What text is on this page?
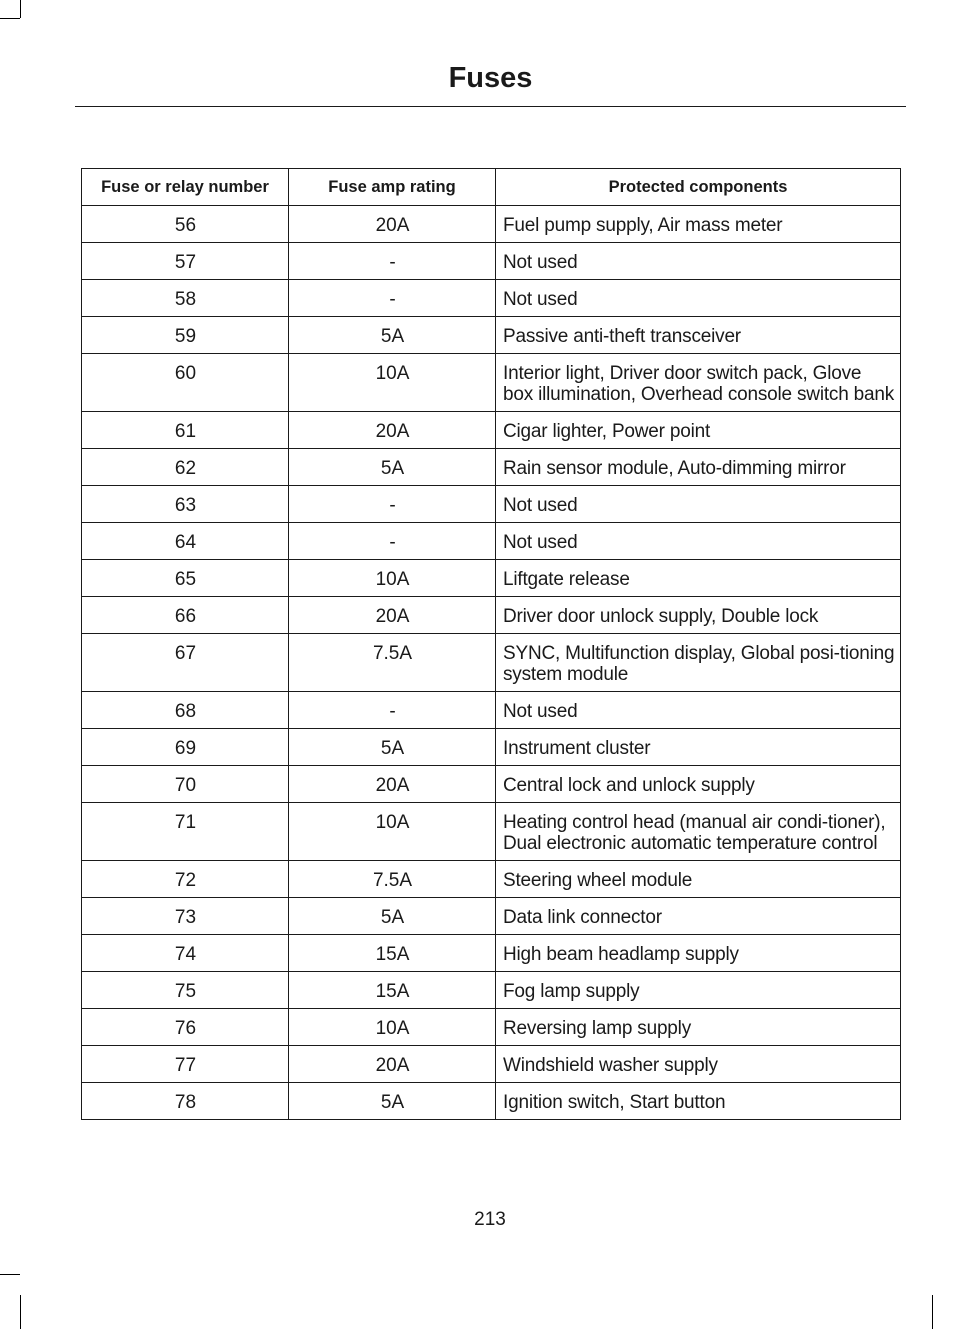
Fuses
Fuse or relay number	Fuse amp rating	Protected components
56	20A	Fuel pump supply, Air mass meter
57	-	Not used
58	-	Not used
59	5A	Passive anti-theft transceiver
60	10A	Interior light, Driver door switch pack, Glove box illumination, Overhead console switch bank
61	20A	Cigar lighter, Power point
62	5A	Rain sensor module, Auto-dimming mirror
63	-	Not used
64	-	Not used
65	10A	Liftgate release
66	20A	Driver door unlock supply, Double lock
67	7.5A	SYNC, Multifunction display, Global posi-tioning system module
68	-	Not used
69	5A	Instrument cluster
70	20A	Central lock and unlock supply
71	10A	Heating control head (manual air condi-tioner), Dual electronic automatic temperature control
72	7.5A	Steering wheel module
73	5A	Data link connector
74	15A	High beam headlamp supply
75	15A	Fog lamp supply
76	10A	Reversing lamp supply
77	20A	Windshield washer supply
78	5A	Ignition switch, Start button
213
